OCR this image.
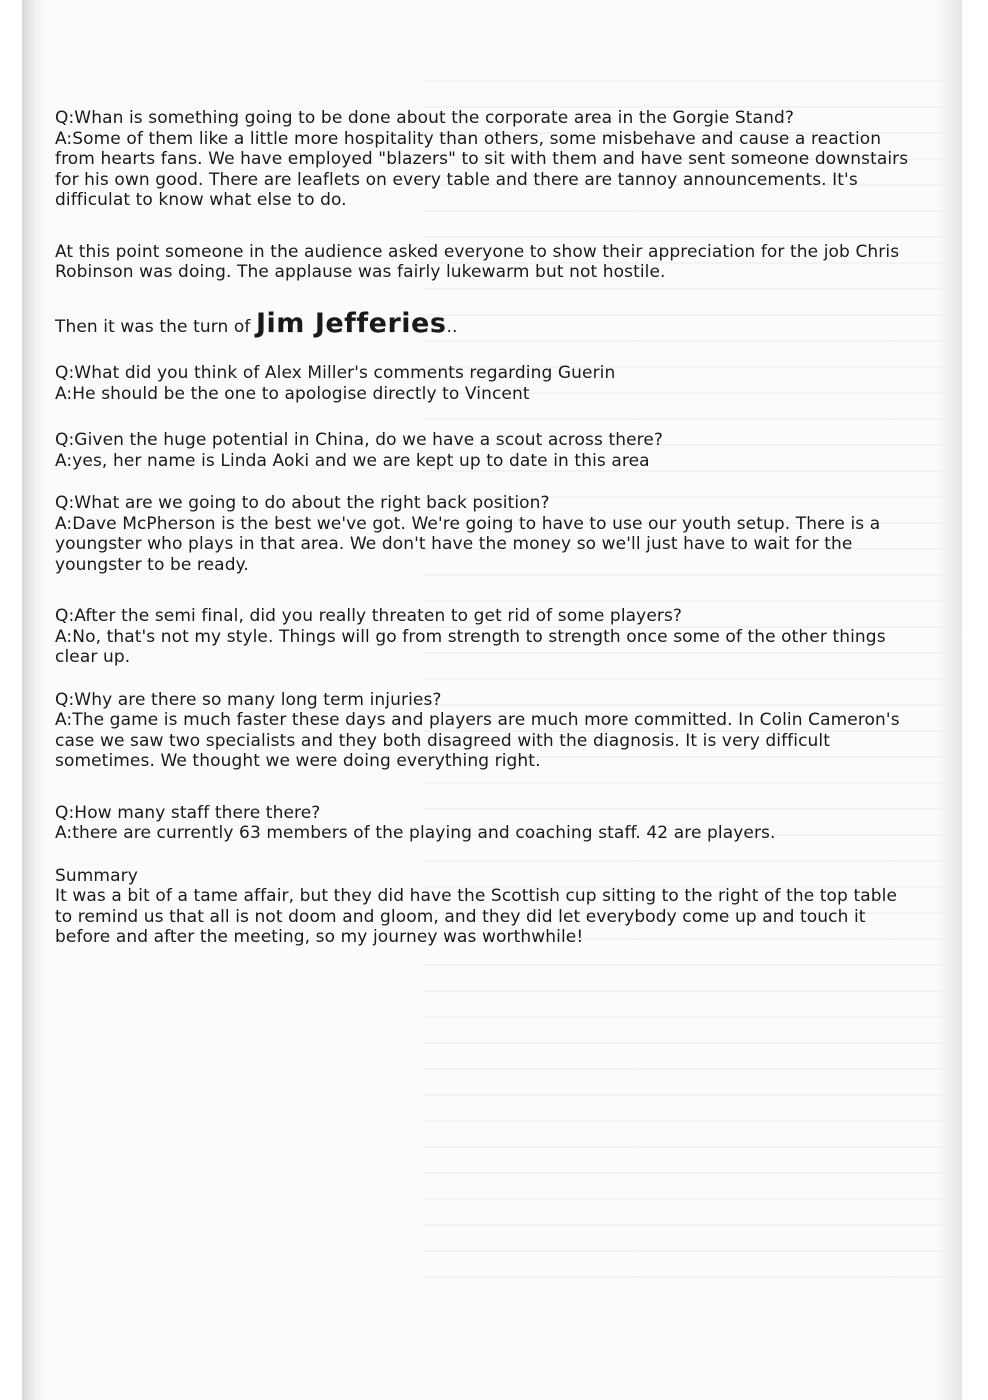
Q:Whan is something going to be done about the corporate area in the Gorgie Stand?

A:Some of them like a little more hospitality than others, some misbehave and cause a reaction from hearts fans. We have employed "blazers" to sit with them and have sent someone downstairs for his own good. There are leaflets on every table and there are tannoy announcements. It's difficulat to know what else to do.

At this point someone in the audience asked everyone to show their appreciation for the job Chris Robinson was doing. The applause was fairly lukewarm but not hostile.

Then it was the turn of Jim Jefferies..

Q:What did you think of Alex Miller's comments regarding Guerin

A:He should be the one to apologise directly to Vincent

Q:Given the huge potential in China, do we have a scout across there?

A:yes, her name is Linda Aoki and we are kept up to date in this area

Q:What are we going to do about the right back position?

A:Dave McPherson is the best we've got. We're going to have to use our youth setup. There is a youngster who plays in that area. We don't have the money so we'll just have to wait for the youngster to be ready.

Q:After the semi final, did you really threaten to get rid of some players?

A:No, that's not my style. Things will go from strength to strength once some of the other things clear up.

Q:Why are there so many long term injuries?

A:The game is much faster these days and players are much more committed. In Colin Cameron's case we saw two specialists and they both disagreed with the diagnosis. It is very difficult sometimes. We thought we were doing everything right.

Q:How many staff there there?

A:there are currently 63 members of the playing and coaching staff. 42 are players.

Summary

It was a bit of a tame affair, but they did have the Scottish cup sitting to the right of the top table to remind us that all is not doom and gloom, and they did let everybody come up and touch it before and after the meeting, so my journey was worthwhile!
